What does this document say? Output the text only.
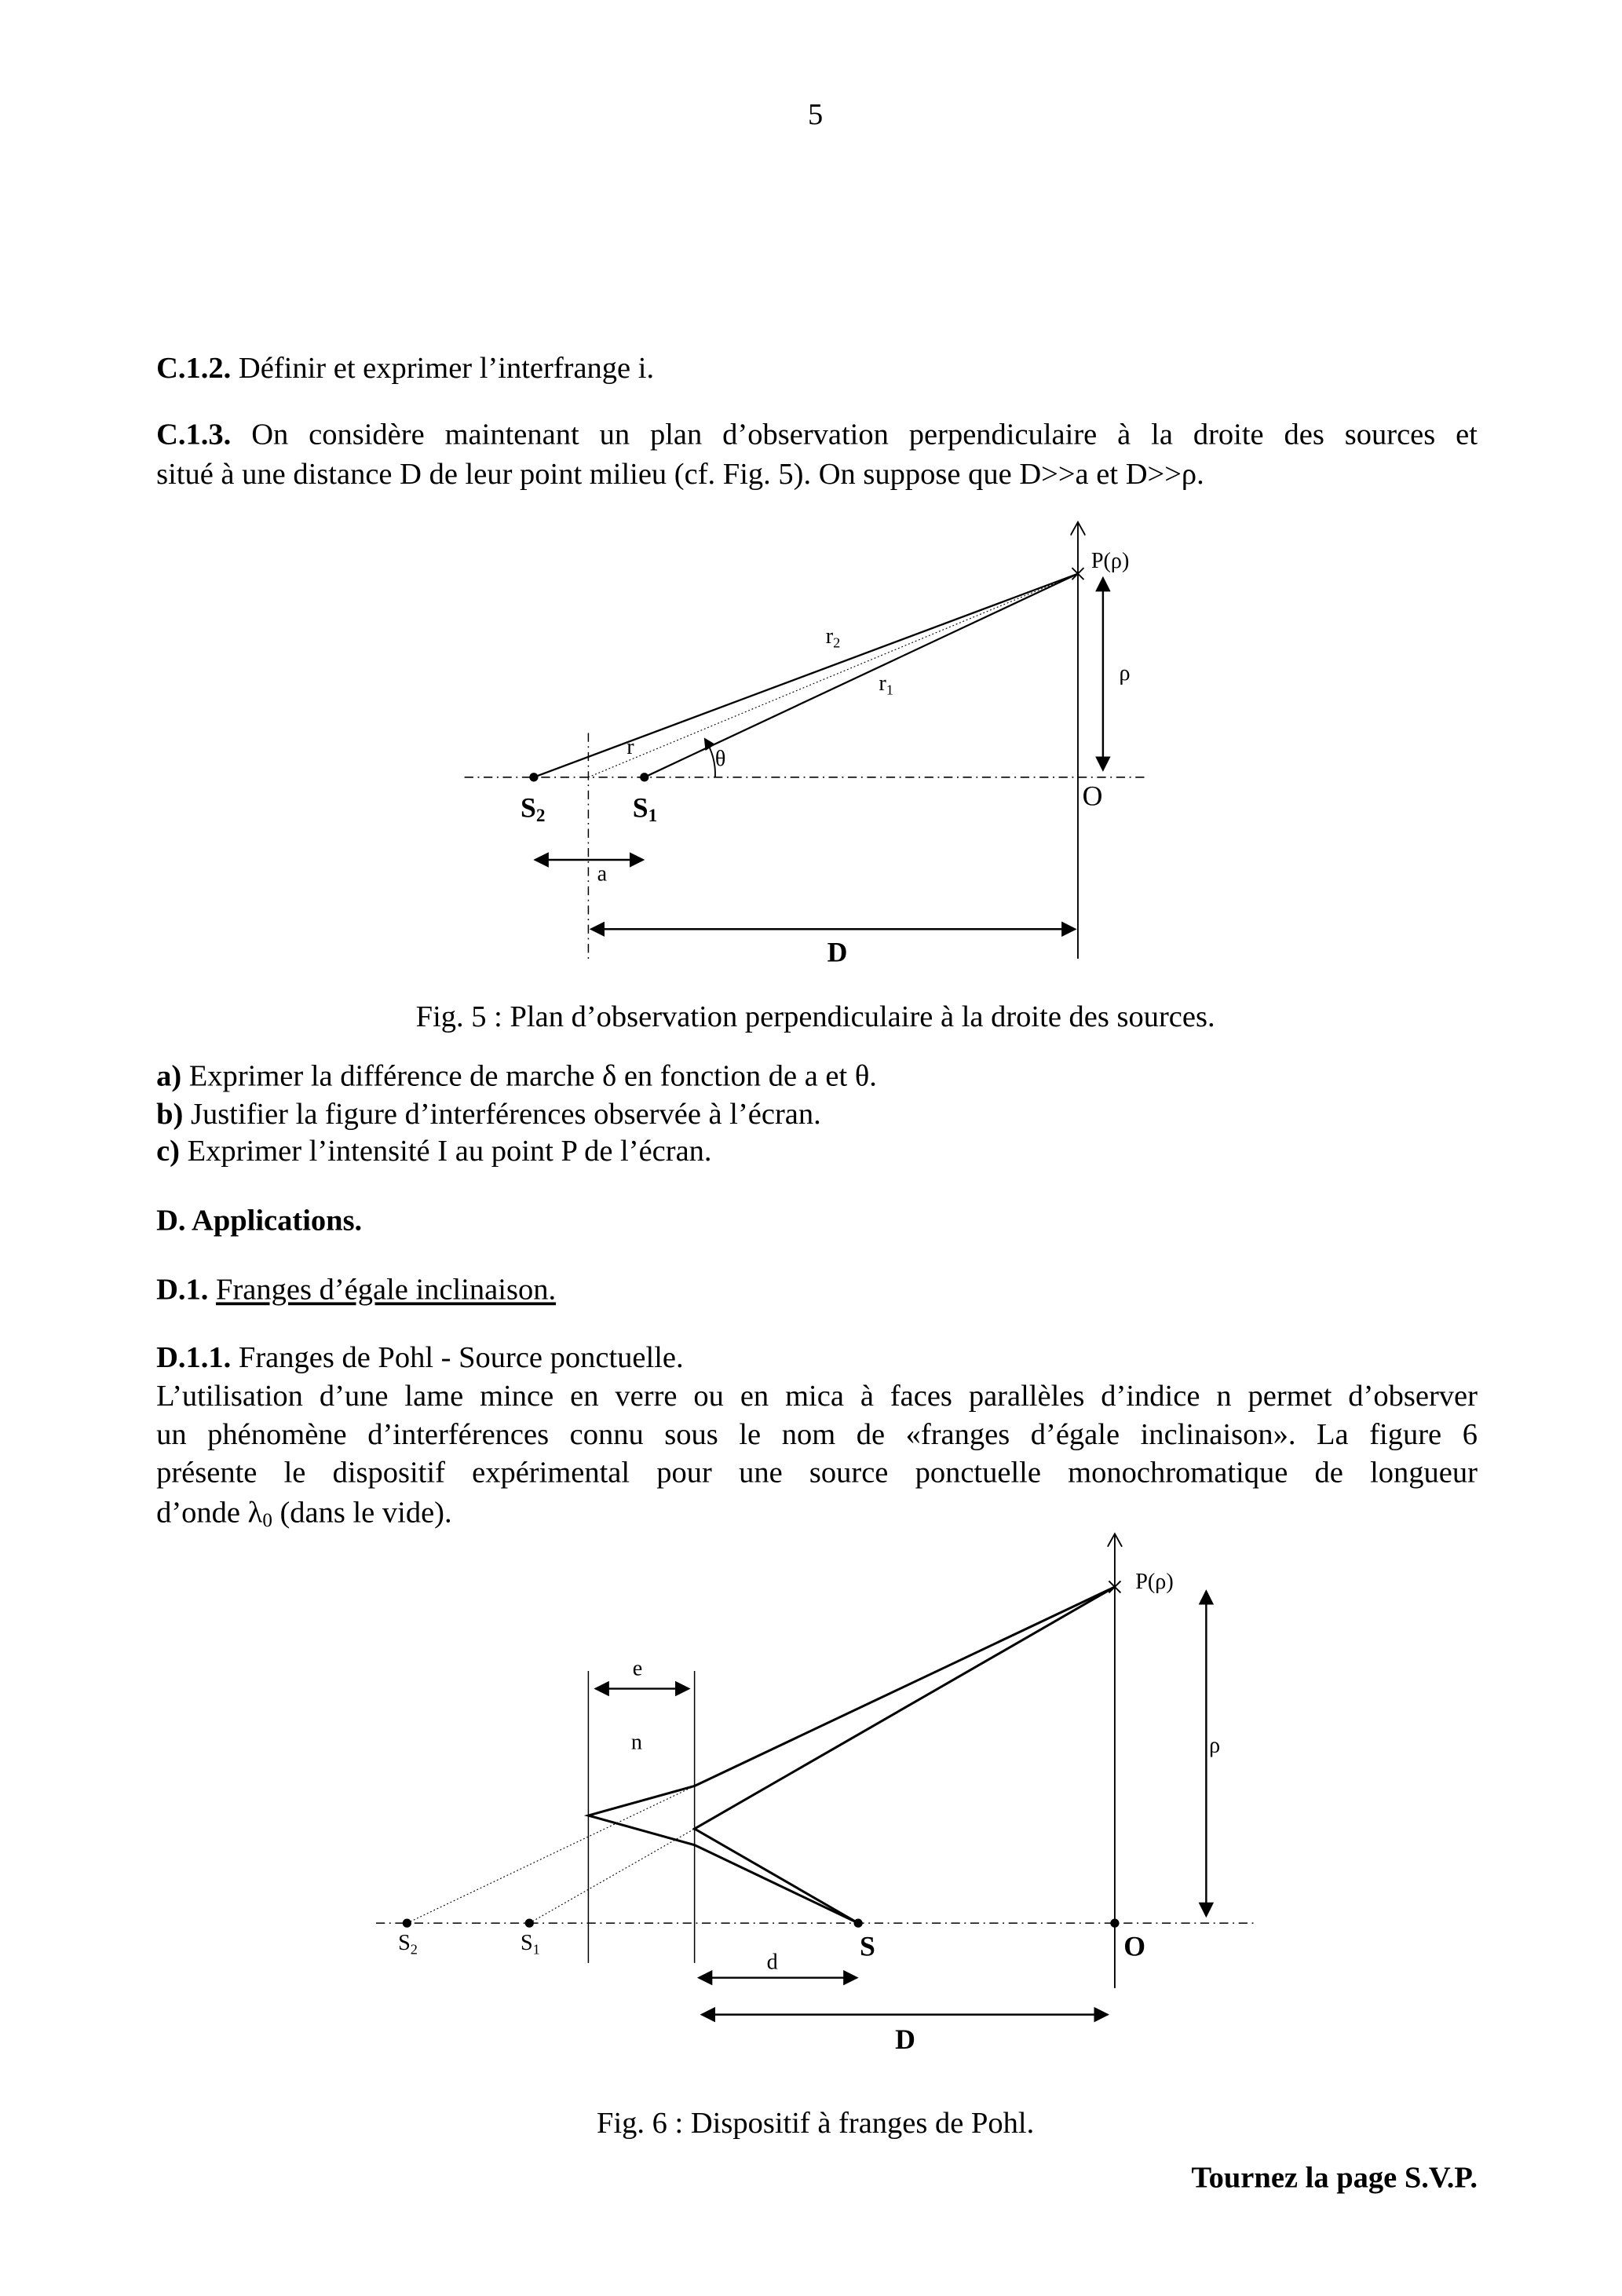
5
C.1.2. Définir et exprimer l’interfrange i.
C.1.3. On considère maintenant un plan d’observation perpendiculaire à la droite des sources et
situé à une distance D de leur point milieu (cf. Fig. 5). On suppose que D>>a et D>>ρ.
P(ρ)
ρ
O
$r_2$
$r_1$
r
θ
$S_2$	$S_1$
a
D
Fig. 5 : Plan d’observation perpendiculaire à la droite des sources.
a) Exprimer la différence de marche δ en fonction de a et θ.
b) Justifier la figure d’interférences observée à l’écran.
c) Exprimer l’intensité I au point P de l’écran.
D. Applications.
D.1. Franges d’égale inclinaison.
D.1.1. Franges de Pohl - Source ponctuelle.
L’utilisation d’une lame mince en verre ou en mica à faces parallèles d’indice n permet d’observer
un phénomène d’interférences connu sous le nom de «franges d’égale inclinaison». La figure 6
présente le dispositif expérimental pour une source ponctuelle monochromatique de longueur
d’onde $\lambda_0$ (dans le vide).
P(ρ)
ρ
e
n
$S_2$	$S_1$	S	O
d
D
Fig. 6 : Dispositif à franges de Pohl.
Tournez la page S.V.P.
